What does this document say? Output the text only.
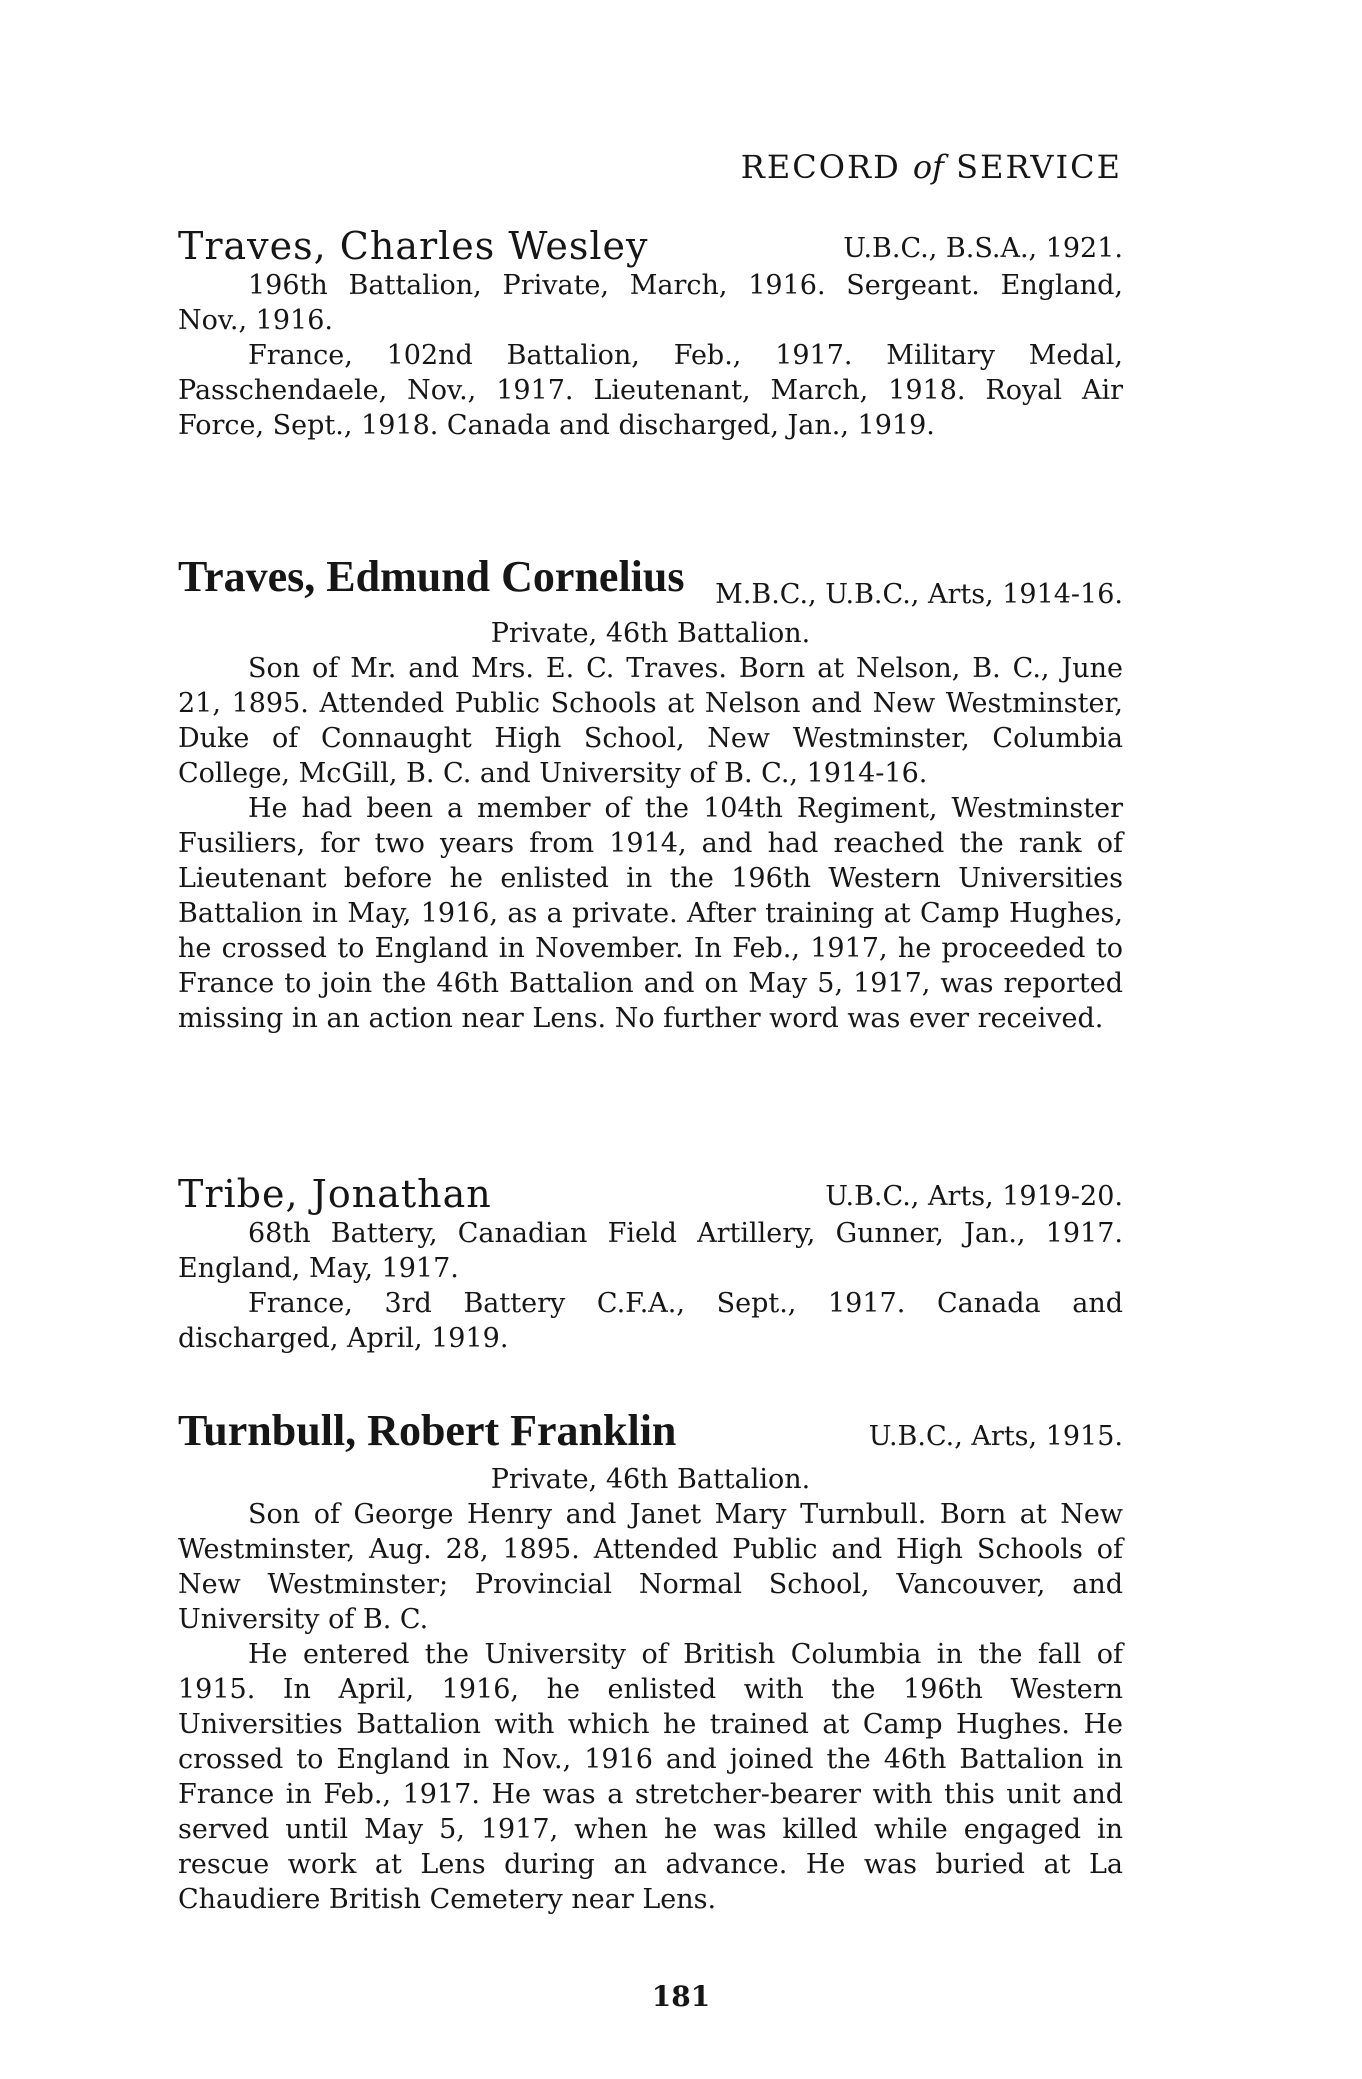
RECORD of SERVICE
Traves, Charles Wesley	U.B.C., B.S.A., 1921.

196th Battalion, Private, March, 1916. Sergeant. England, Nov., 1916.

France, 102nd Battalion, Feb., 1917. Military Medal, Passchendaele, Nov., 1917. Lieutenant, March, 1918. Royal Air Force, Sept., 1918. Canada and discharged, Jan., 1919.

Traves, Edmund Cornelius M.B.C., U.B.C., Arts, 1914-16.

Private, 46th Battalion.

Son of Mr. and Mrs. E. C. Traves. Born at Nelson, B. C., June 21, 1895. Attended Public Schools at Nelson and New Westminster, Duke of Connaught High School, New Westminster, Columbia College, McGill, B. C. and University of B. C., 1914-16.

He had been a member of the 104th Regiment, Westminster Fusiliers, for two years from 1914, and had reached the rank of Lieutenant before he enlisted in the 196th Western Universities Battalion in May, 1916, as a private. After training at Camp Hughes, he crossed to England in November. In Feb., 1917, he proceeded to France to join the 46th Battalion and on May 5, 1917, was reported missing in an action near Lens. No further word was ever received.

Tribe, Jonathan	U.B.C., Arts, 1919-20.

68th Battery, Canadian Field Artillery, Gunner, Jan., 1917. England, May, 1917.

France, 3rd Battery C.F.A., Sept., 1917. Canada and discharged, April, 1919.

Turnbull, Robert Franklin	U.B.C., Arts, 1915.

Private, 46th Battalion.

Son of George Henry and Janet Mary Turnbull. Born at New Westminster, Aug. 28, 1895. Attended Public and High Schools of New Westminster; Provincial Normal School, Vancouver, and University of B. C.

He entered the University of British Columbia in the fall of 1915. In April, 1916, he enlisted with the 196th Western Universities Battalion with which he trained at Camp Hughes. He crossed to England in Nov., 1916 and joined the 46th Battalion in France in Feb., 1917. He was a stretcher-bearer with this unit and served until May 5, 1917, when he was killed while engaged in rescue work at Lens during an advance. He was buried at La Chaudiere British Cemetery near Lens.

181
